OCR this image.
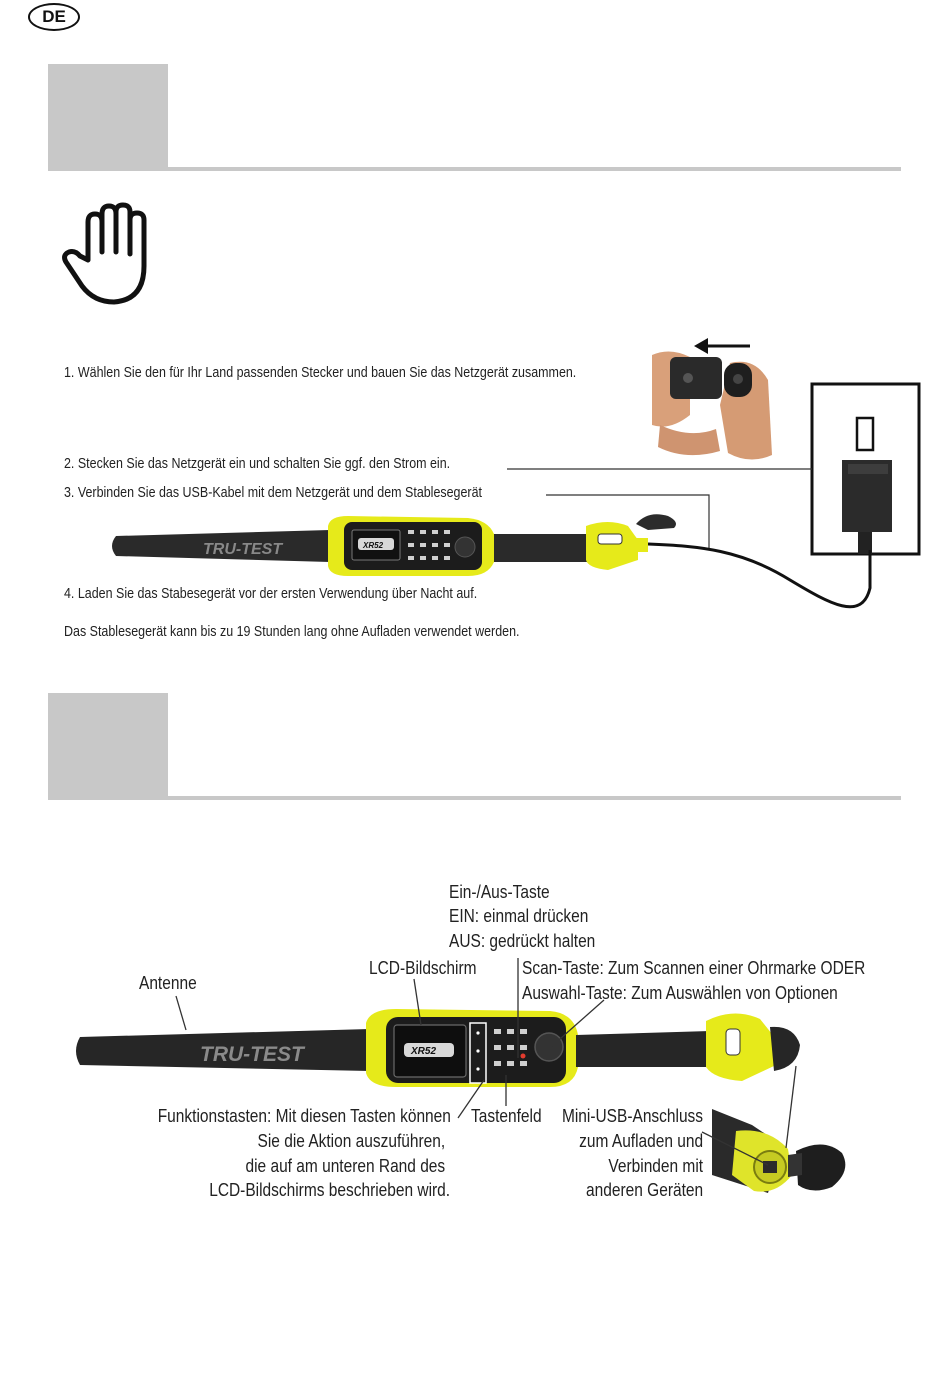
DE
1. Wählen Sie den für Ihr Land passenden Stecker und bauen Sie das Netzgerät zusammen.
2. Stecken Sie das Netzgerät ein und schalten Sie ggf. den Strom ein.
3. Verbinden Sie das USB-Kabel mit dem Netzgerät und dem Stablesegerät
4. Laden Sie das Stabesegerät vor der ersten Verwendung über Nacht auf.
Das Stablesegerät kann bis zu 19 Stunden lang ohne Aufladen verwendet werden.
TRU-TEST	XR52
TRU-TEST	XR52
Ein-/Aus-Taste
EIN: einmal drücken
AUS: gedrückt halten
LCD-Bildschirm	Scan-Taste: Zum Scannen einer Ohrmarke ODER
Auswahl-Taste: Zum Auswählen von Optionen
Antenne
Funktionstasten: Mit diesen Tasten können
Sie die Aktion auszuführen,
die auf am unteren Rand des
LCD-Bildschirms beschrieben wird.
Tastenfeld Mini-USB-Anschluss
zum Aufladen und
Verbinden mit
anderen Geräten
